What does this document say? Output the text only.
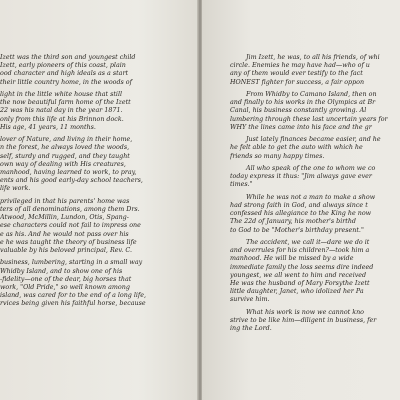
Izett was the third son and youngest child
Izett, early pioneers of this coast, plain
ood character and high ideals as a start
their little country home, in the woods of
light in the little white house that still
the now beautiful farm home of the Izett
22 was his natal day in the year 1871.
only from this life at his Brinnon dock.
His age, 41 years, 11 months.
lover of Nature, and living in their home,
n the forest, he always loved the woods,
self, sturdy and rugged, and they taught
own way of dealing with His creatures,
manhood, having learned to work, to pray,
ents and his good early-day school teachers,
life work.
privileged in that his parents' home was
ters of all denominations, among them Drs.
Atwood, McMillin, Lundon, Otis, Spang-
ese characters could not fail to impress one
e as his. And he would not pass over his
e he was taught the theory of business life
valuable by his beloved principal, Rev. C.
business, lumbering, starting in a small way
Whidby Island, and to show one of his
-fidelity—one of the dear, big horses that
work, "Old Pride," so well known among
island, was cared for to the end of a long life,
rvices being given his faithful horse, because
Jim Izett, he was, to all his friends, of whi
circle. Enemies he may have had—who of u
any of them would ever testify to the fact
HONEST fighter for success, a fair oppon
From Whidby to Camano Island, then on
and finally to his works in the Olympics at Br
Canal, his business constantly growing. Al
lumbering through these last uncertain years for
WHY the lines came into his face and the gr
Just lately finances became easier, and he
he felt able to get the auto with which he
friends so many happy times.
All who speak of the one to whom we co
today express it thus: "Jim always gave ever
times."
While he was not a man to make a show
had strong faith in God, and always since t
confessed his allegiance to the King he now
The 22d of January, his mother's birthd
to God to be "Mother's birthday present."
The accident, we call it—dare we do it
and overrules for his children?—took him a
manhood. He will be missed by a wide
immediate family the loss seems dire indeed
youngest, we all went to him and received
He was the husband of Mary Forsythe Izett
little daughter, Janet, who idolized her Pa
survive him.
What his work is now we cannot kno
strive to be like him—diligent in business, fer
ing the Lord.
